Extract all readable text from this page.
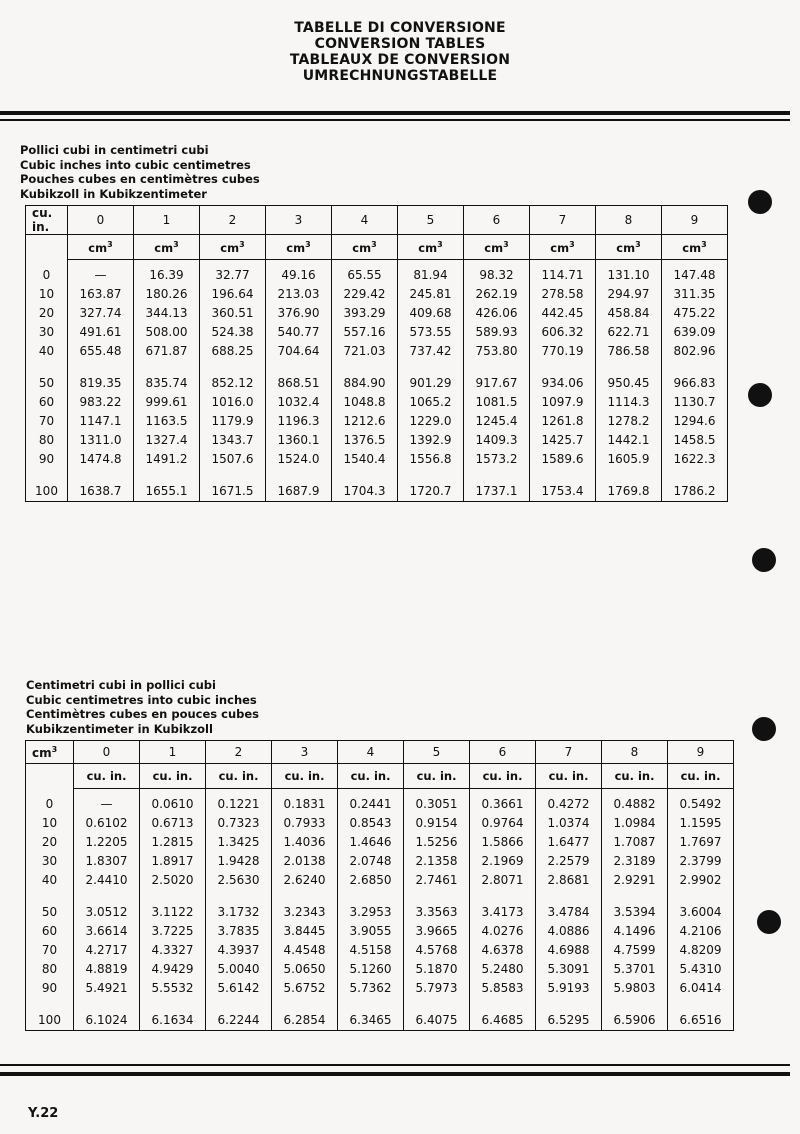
TABELLE DI CONVERSIONE
CONVERSION TABLES
TABLEAUX DE CONVERSION
UMRECHNUNGSTABELLE
Pollici cubi in centimetri cubi
Cubic inches into cubic centimetres
Pouches cubes en centimètres cubes
Kubikzoll in Kubikzentimeter
cu. in.	0	1	2	3	4	5	6	7	8	9
	$cm^3$	$cm^3$	$cm^3$	$cm^3$	$cm^3$	$cm^3$	$cm^3$	$cm^3$	$cm^3$	$cm^3$
0	—	16.39	32.77	49.16	65.55	81.94	98.32	114.71	131.10	147.48
10	163.87	180.26	196.64	213.03	229.42	245.81	262.19	278.58	294.97	311.35
20	327.74	344.13	360.51	376.90	393.29	409.68	426.06	442.45	458.84	475.22
30	491.61	508.00	524.38	540.77	557.16	573.55	589.93	606.32	622.71	639.09
40	655.48	671.87	688.25	704.64	721.03	737.42	753.80	770.19	786.58	802.96

50	819.35	835.74	852.12	868.51	884.90	901.29	917.67	934.06	950.45	966.83
60	983.22	999.61	1016.0	1032.4	1048.8	1065.2	1081.5	1097.9	1114.3	1130.7
70	1147.1	1163.5	1179.9	1196.3	1212.6	1229.0	1245.4	1261.8	1278.2	1294.6
80	1311.0	1327.4	1343.7	1360.1	1376.5	1392.9	1409.3	1425.7	1442.1	1458.5
90	1474.8	1491.2	1507.6	1524.0	1540.4	1556.8	1573.2	1589.6	1605.9	1622.3

100	1638.7	1655.1	1671.5	1687.9	1704.3	1720.7	1737.1	1753.4	1769.8	1786.2
Centimetri cubi in pollici cubi
Cubic centimetres into cubic inches
Centimètres cubes en pouces cubes
Kubikzentimeter in Kubikzoll
$cm^3$	0	1	2	3	4	5	6	7	8	9
	cu. in.	cu. in.	cu. in.	cu. in.	cu. in.	cu. in.	cu. in.	cu. in.	cu. in.	cu. in.
0	—	0.0610	0.1221	0.1831	0.2441	0.3051	0.3661	0.4272	0.4882	0.5492
10	0.6102	0.6713	0.7323	0.7933	0.8543	0.9154	0.9764	1.0374	1.0984	1.1595
20	1.2205	1.2815	1.3425	1.4036	1.4646	1.5256	1.5866	1.6477	1.7087	1.7697
30	1.8307	1.8917	1.9428	2.0138	2.0748	2.1358	2.1969	2.2579	2.3189	2.3799
40	2.4410	2.5020	2.5630	2.6240	2.6850	2.7461	2.8071	2.8681	2.9291	2.9902

50	3.0512	3.1122	3.1732	3.2343	3.2953	3.3563	3.4173	3.4784	3.5394	3.6004
60	3.6614	3.7225	3.7835	3.8445	3.9055	3.9665	4.0276	4.0886	4.1496	4.2106
70	4.2717	4.3327	4.3937	4.4548	4.5158	4.5768	4.6378	4.6988	4.7599	4.8209
80	4.8819	4.9429	5.0040	5.0650	5.1260	5.1870	5.2480	5.3091	5.3701	5.4310
90	5.4921	5.5532	5.6142	5.6752	5.7362	5.7973	5.8583	5.9193	5.9803	6.0414

100	6.1024	6.1634	6.2244	6.2854	6.3465	6.4075	6.4685	6.5295	6.5906	6.6516
Y.22
